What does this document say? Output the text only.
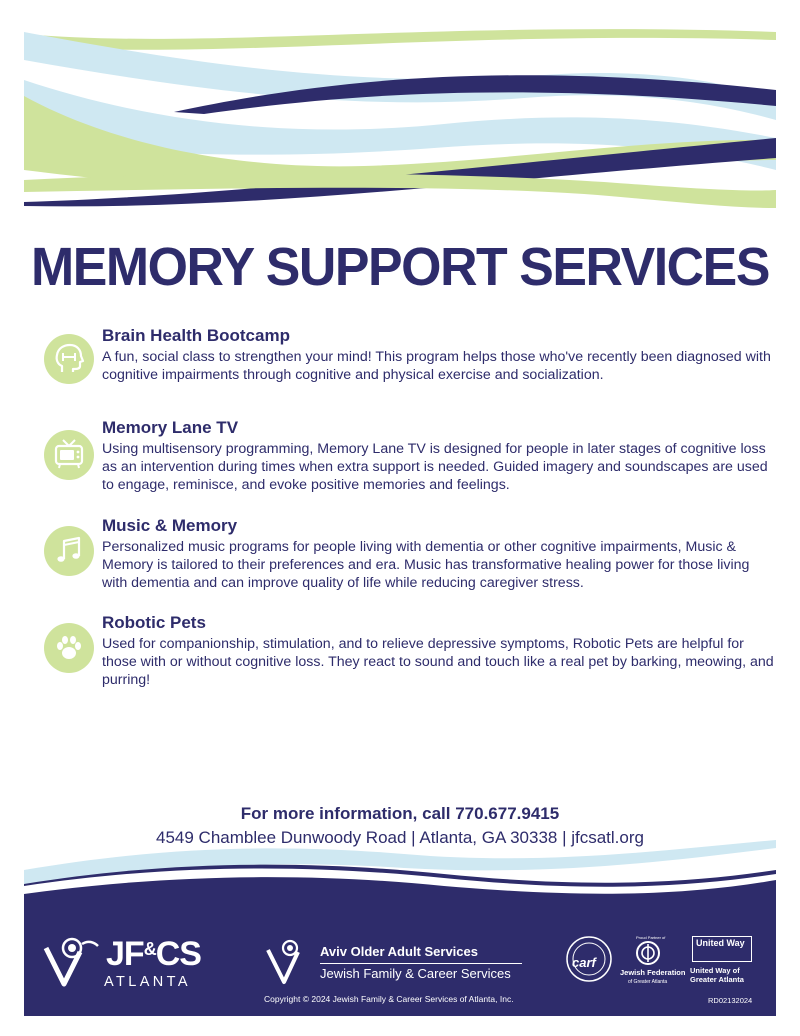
MEMORY SUPPORT SERVICES
Brain Health Bootcamp

A fun, social class to strengthen your mind! This program helps those who've recently been diagnosed with cognitive impairments through cognitive and physical exercise and socialization.

Memory Lane TV

Using multisensory programming, Memory Lane TV is designed for people in later stages of cognitive loss as an intervention during times when extra support is needed. Guided imagery and soundscapes are used to engage, reminisce, and evoke positive memories and feelings.

Music & Memory

Personalized music programs for people living with dementia or other cognitive impairments, Music & Memory is tailored to their preferences and era. Music has transformative healing power for those living with dementia and can improve quality of life while reducing caregiver stress.

Robotic Pets

Used for companionship, stimulation, and to relieve depressive symptoms, Robotic Pets are helpful for those with or without cognitive loss. They react to sound and touch like a real pet by barking, meowing, and purring!

For more information, call 770.677.9415
4549 Chamblee Dunwoody Road | Atlanta, GA 30338 | jfcsatl.org
JF&CS
ATLANTA
Aviv Older Adult Services
Jewish Family & Career Services
Copyright © 2024 Jewish Family & Career Services of Atlanta, Inc.
carf
Proud Partner of
Jewish Federation
of Greater Atlanta
United Way
United Way of Greater Atlanta
RD02132024
